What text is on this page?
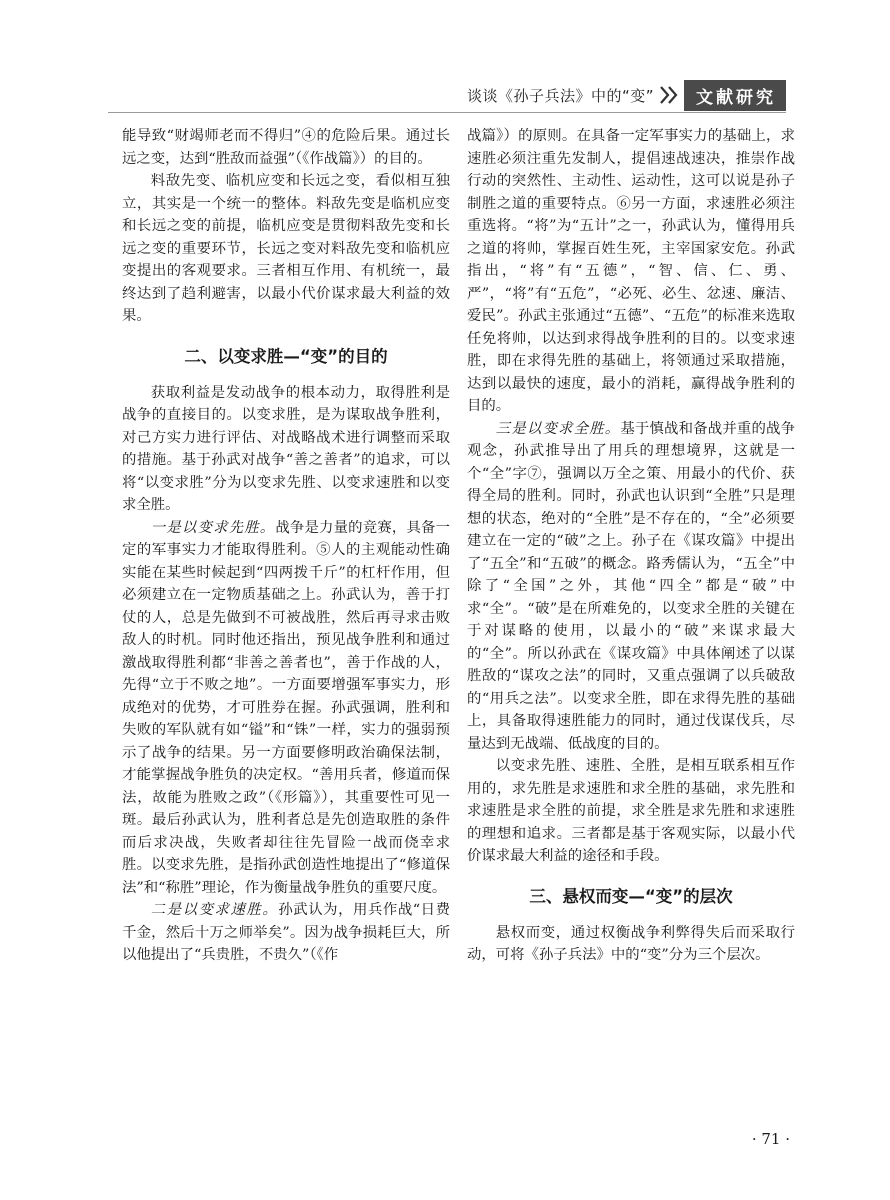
谈谈《孙子兵法》中的“变”	文献研究

能导致“财竭师老而不得归”④的危险后果。通过长远之变，达到“胜敌而益强”（《作战篇》）的目的。

料敌先变、临机应变和长远之变，看似相互独立，其实是一个统一的整体。料敌先变是临机应变和长远之变的前提，临机应变是贯彻料敌先变和长远之变的重要环节，长远之变对料敌先变和临机应变提出的客观要求。三者相互作用、有机统一，最终达到了趋利避害，以最小代价谋求最大利益的效果。

二、以变求胜—“变”的目的

获取利益是发动战争的根本动力，取得胜利是战争的直接目的。以变求胜，是为谋取战争胜利，对己方实力进行评估、对战略战术进行调整而采取的措施。基于孙武对战争“善之善者”的追求，可以将“以变求胜”分为以变求先胜、以变求速胜和以变求全胜。

一是以变求先胜。战争是力量的竞赛，具备一定的军事实力才能取得胜利。⑤人的主观能动性确实能在某些时候起到“四两拨千斤”的杠杆作用，但必须建立在一定物质基础之上。孙武认为，善于打仗的人，总是先做到不可被战胜，然后再寻求击败敌人的时机。同时他还指出，预见战争胜利和通过激战取得胜利都“非善之善者也”，善于作战的人，先得“立于不败之地”。一方面要增强军事实力，形成绝对的优势，才可胜券在握。孙武强调，胜利和失败的军队就有如“镒”和“铢”一样，实力的强弱预示了战争的结果。另一方面要修明政治确保法制，才能掌握战争胜负的决定权。“善用兵者，修道而保法，故能为胜败之政”（《形篇》），其重要性可见一斑。最后孙武认为，胜利者总是先创造取胜的条件而后求决战，失败者却往往先冒险一战而侥幸求胜。以变求先胜，是指孙武创造性地提出了“修道保法”和“称胜”理论，作为衡量战争胜负的重要尺度。

二是以变求速胜。孙武认为，用兵作战“日费千金，然后十万之师举矣”。因为战争损耗巨大，所以他提出了“兵贵胜，不贵久”（《作

战篇》）的原则。在具备一定军事实力的基础上，求速胜必须注重先发制人，提倡速战速决，推崇作战行动的突然性、主动性、运动性，这可以说是孙子制胜之道的重要特点。⑥另一方面，求速胜必须注重选将。“将”为“五计”之一，孙武认为，懂得用兵之道的将帅，掌握百姓生死，主宰国家安危。孙武指出，“将”有“五德”，“智、信、仁、勇、严”，“将”有“五危”，“必死、必生、忿速、廉洁、爱民”。孙武主张通过“五德”、“五危”的标准来选取任免将帅，以达到求得战争胜利的目的。以变求速胜，即在求得先胜的基础上，将领通过采取措施，达到以最快的速度，最小的消耗，赢得战争胜利的目的。

三是以变求全胜。基于慎战和备战并重的战争观念，孙武推导出了用兵的理想境界，这就是一个“全”字⑦，强调以万全之策、用最小的代价、获得全局的胜利。同时，孙武也认识到“全胜”只是理想的状态，绝对的“全胜”是不存在的，“全”必须要建立在一定的“破”之上。孙子在《谋攻篇》中提出了“五全”和“五破”的概念。路秀儒认为，“五全”中除了“全国”之外，其他“四全”都是“破”中求“全”。“破”是在所难免的，以变求全胜的关键在于对谋略的使用，以最小的“破”来谋求最大的“全”。所以孙武在《谋攻篇》中具体阐述了以谋胜敌的“谋攻之法”的同时，又重点强调了以兵破敌的“用兵之法”。以变求全胜，即在求得先胜的基础上，具备取得速胜能力的同时，通过伐谋伐兵，尽量达到无战端、低战度的目的。

以变求先胜、速胜、全胜，是相互联系相互作用的，求先胜是求速胜和求全胜的基础，求先胜和求速胜是求全胜的前提，求全胜是求先胜和求速胜的理想和追求。三者都是基于客观实际，以最小代价谋求最大利益的途径和手段。

三、悬权而变—“变”的层次

悬权而变，通过权衡战争利弊得失后而采取行动，可将《孙子兵法》中的“变”分为三个层次。

· 71 ·
